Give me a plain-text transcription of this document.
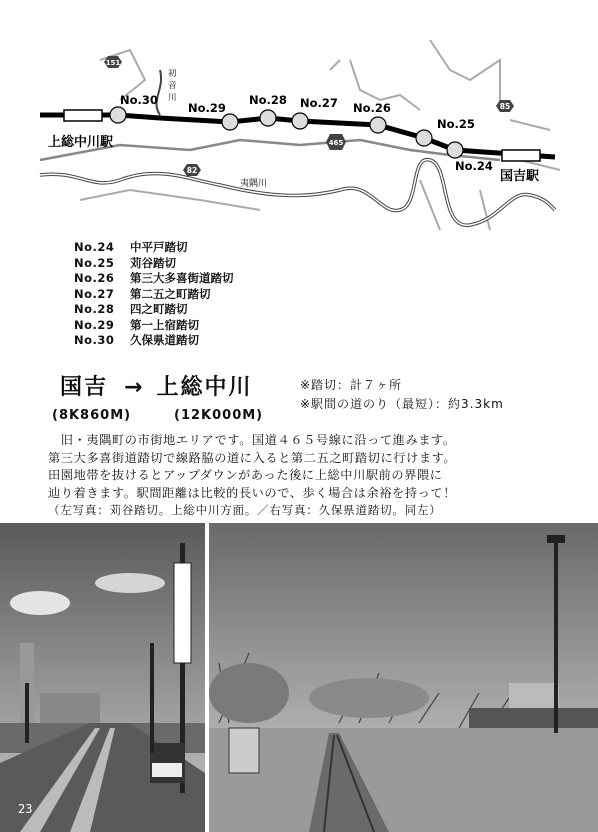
上総中川駅
国吉駅
No.30
No.29
No.28 No.27 No.26
No.25
No.24
151
82
85
465
初
音
川
夷隅川
No.24	中平戸踏切
No.25	苅谷踏切
No.26	第三大多喜街道踏切
No.27	第二五之町踏切
No.28	四之町踏切
No.29	第一上宿踏切
No.30	久保県道踏切
国吉 → 上総中川
(8K860M)	(12K000M)
※踏切：計７ヶ所
※駅間の道のり（最短）：約3.3km

　旧・夷隅町の市街地エリアです。国道４６５号線に沿って進みます。

第三大多喜街道踏切で線路脇の道に入ると第二五之町踏切に行けます。

田園地帯を抜けるとアップダウンがあった後に上総中川駅前の界隈に

辿り着きます。駅間距離は比較的長いので、歩く場合は余裕を持って！

（左写真：苅谷踏切。上総中川方面。／右写真：久保県道踏切。同左）
23
